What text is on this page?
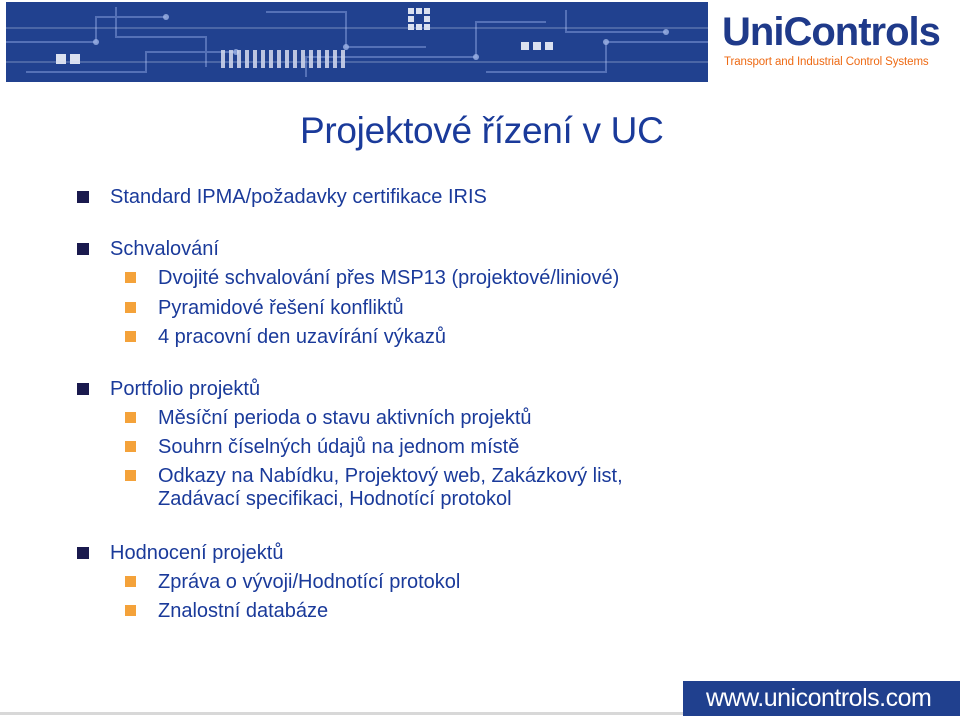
UniControls
Transport and Industrial Control Systems
Projektové řízení v UC
Standard IPMA/požadavky certifikace IRIS
Schvalování
Dvojité schvalování přes MSP13 (projektové/liniové)
Pyramidové řešení konfliktů
4 pracovní den uzavírání výkazů
Portfolio projektů
Měsíční perioda o stavu aktivních projektů
Souhrn číselných údajů na jednom místě
Odkazy na Nabídku, Projektový web, Zakázkový list,
Zadávací specifikaci, Hodnotící protokol
Hodnocení projektů
Zpráva o vývoji/Hodnotící protokol
Znalostní databáze
www.unicontrols.com
